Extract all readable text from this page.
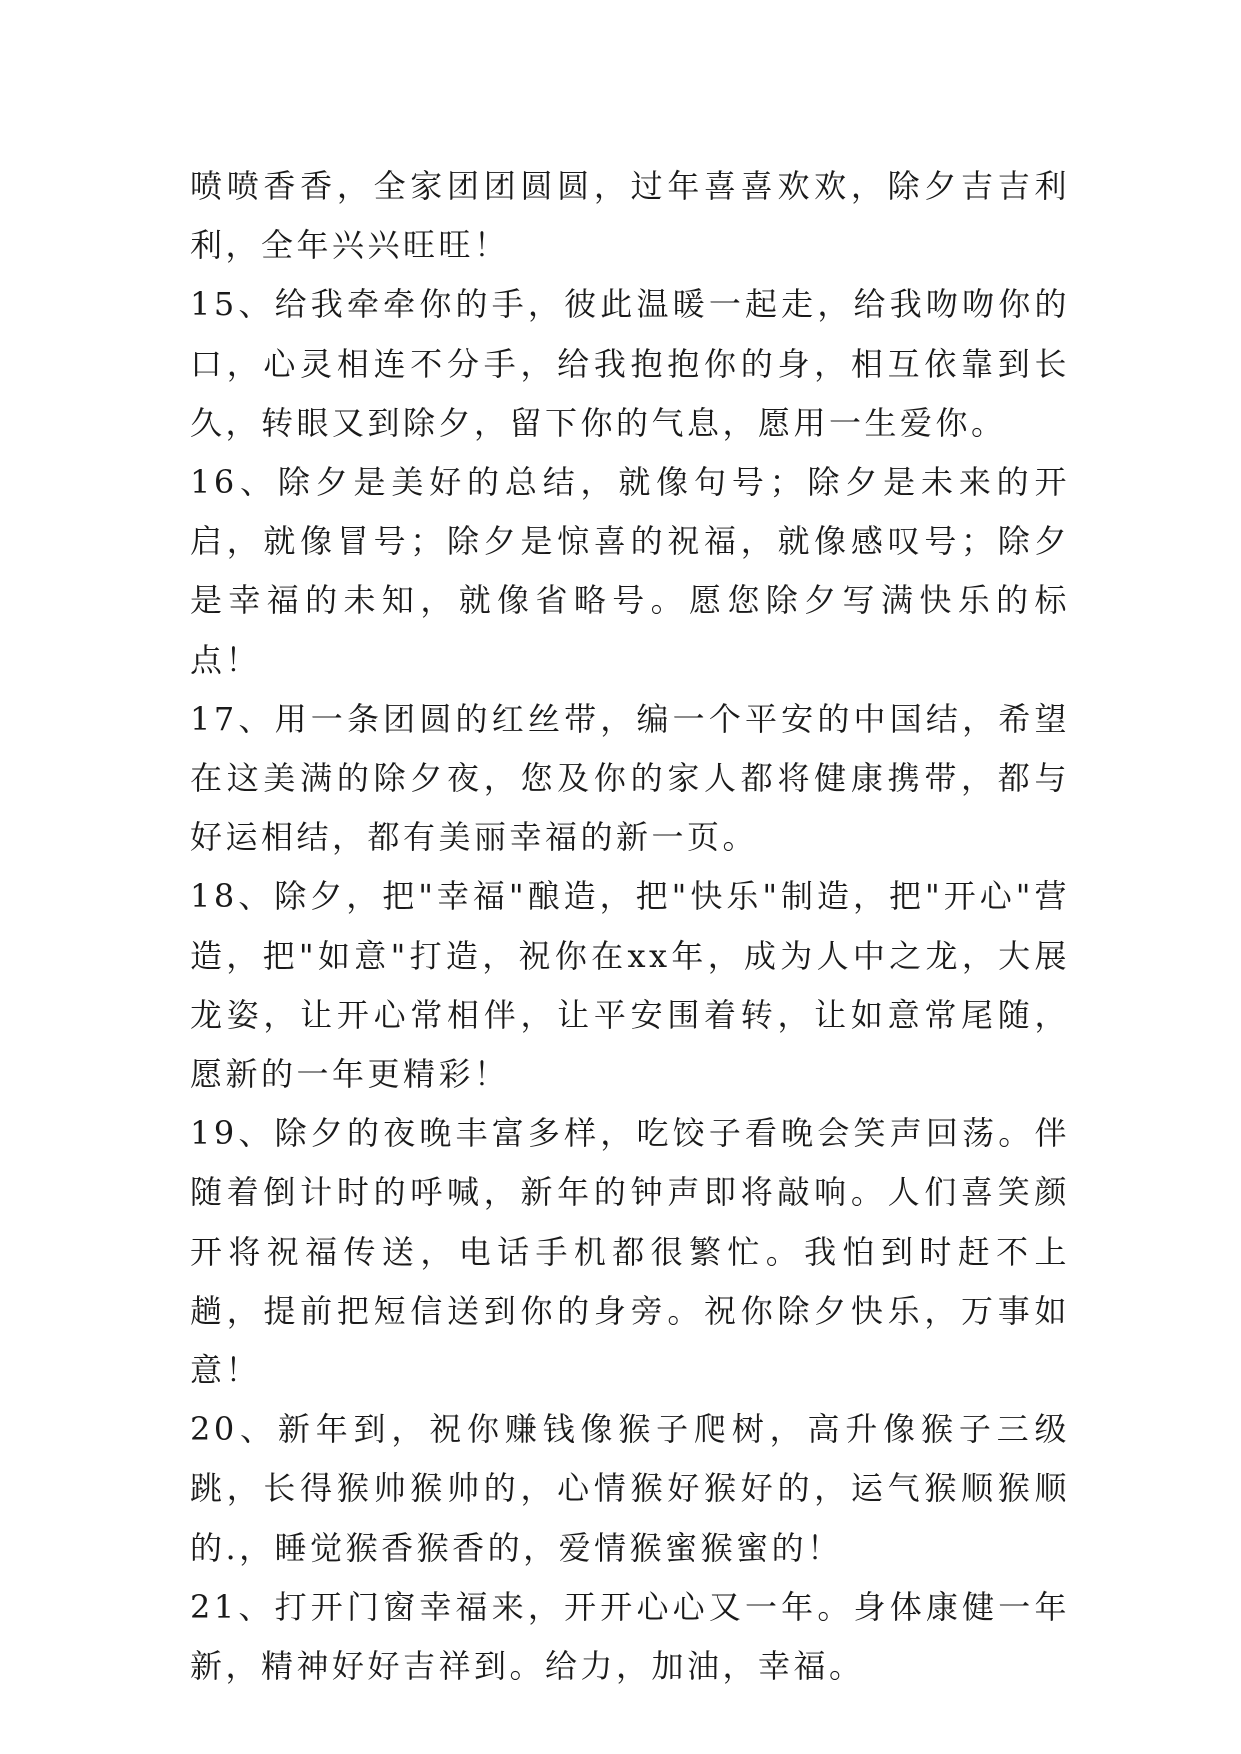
喷喷香香，全家团团圆圆，过年喜喜欢欢，除夕吉吉利利，全年兴兴旺旺！

15、给我牵牵你的手，彼此温暖一起走，给我吻吻你的口，心灵相连不分手，给我抱抱你的身，相互依靠到长久，转眼又到除夕，留下你的气息，愿用一生爱你。

16、除夕是美好的总结，就像句号；除夕是未来的开启，就像冒号；除夕是惊喜的祝福，就像感叹号；除夕是幸福的未知，就像省略号。愿您除夕写满快乐的标点！

17、用一条团圆的红丝带，编一个平安的中国结，希望在这美满的除夕夜，您及你的家人都将健康携带，都与好运相结，都有美丽幸福的新一页。

18、除夕，把"幸福"酿造，把"快乐"制造，把"开心"营造，把"如意"打造，祝你在xx年，成为人中之龙，大展龙姿，让开心常相伴，让平安围着转，让如意常尾随，愿新的一年更精彩！

19、除夕的夜晚丰富多样，吃饺子看晚会笑声回荡。伴随着倒计时的呼喊，新年的钟声即将敲响。人们喜笑颜开将祝福传送，电话手机都很繁忙。我怕到时赶不上趟，提前把短信送到你的身旁。祝你除夕快乐，万事如意！

20、新年到，祝你赚钱像猴子爬树，高升像猴子三级跳，长得猴帅猴帅的，心情猴好猴好的，运气猴顺猴顺的.，睡觉猴香猴香的，爱情猴蜜猴蜜的！

21、打开门窗幸福来，开开心心又一年。身体康健一年新，精神好好吉祥到。给力，加油，幸福。
